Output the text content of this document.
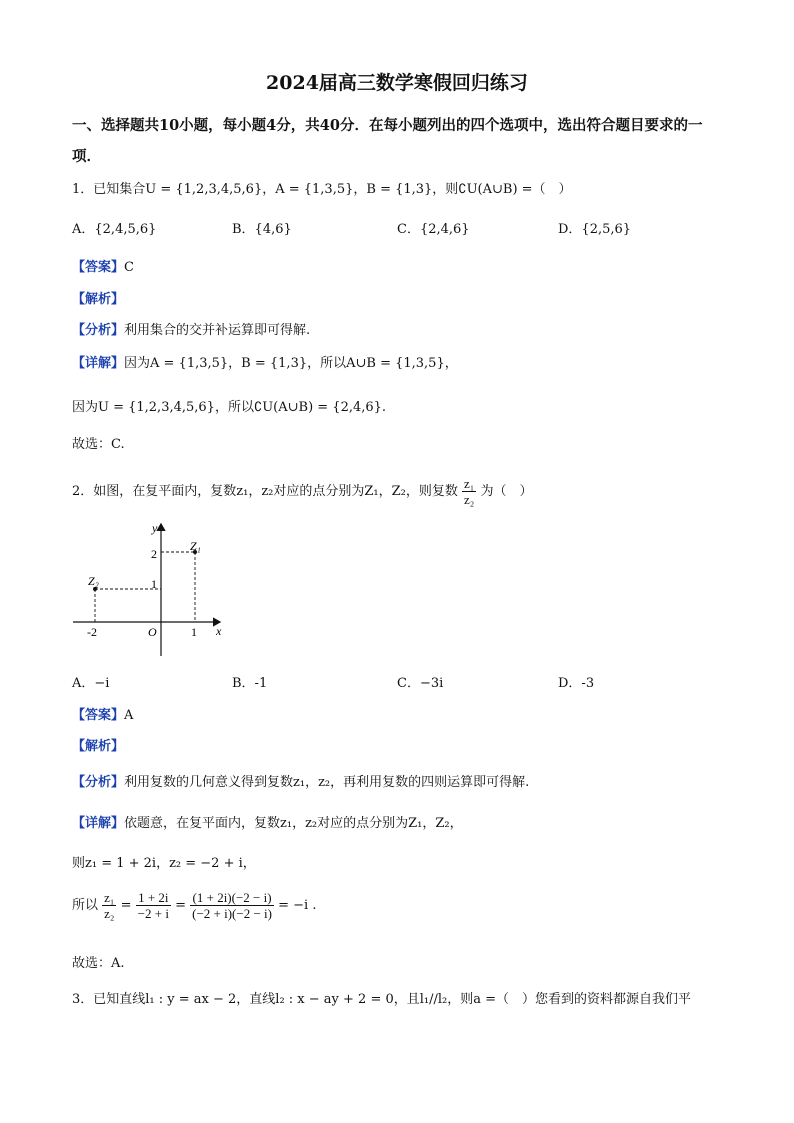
2024届高三数学寒假回归练习
一、选择题共10小题，每小题4分，共40分．在每小题列出的四个选项中，选出符合题目要求的一项．
1．已知集合U = {1,2,3,4,5,6}，A = {1,3,5}，B = {1,3}，则∁U(A∪B) =（　）
A．{2,4,5,6}	B．{4,6}	C．{2,4,6}	D．{2,5,6}
【答案】C
【解析】
【分析】利用集合的交并补运算即可得解.
【详解】因为A = {1,3,5}，B = {1,3}，所以A∪B = {1,3,5}，
因为U = {1,2,3,4,5,6}，所以∁U(A∪B) = {2,4,6}.
故选：C.
2．如图，在复平面内，复数z₁，z₂对应的点分别为Z₁，Z₂，则复数 $\frac{\text{z₁}}{\text{z₂}}$ 为（　）
y
x
O
Z₁
Z₂
2
1
-2	1
A．−i	B．-1	C．−3i	D．-3
【答案】A
【解析】
【分析】利用复数的几何意义得到复数z₁，z₂，再利用复数的四则运算即可得解.
【详解】依题意，在复平面内，复数z₁，z₂对应的点分别为Z₁，Z₂，
则z₁ = 1 + 2i，z₂ = −2 + i，
所以 $\frac{\text{z₁}}{\text{z₂}} = \frac{1 + 2i}{-2 + i} = \frac{(1 + 2i)(-2 - i)}{(-2 + i)(-2 - i)} = -i$ .
故选：A.
3．已知直线l₁ : y = ax − 2，直线l₂ : x − ay + 2 = 0，且l₁//l₂，则a =（　）您看到的资料都源自我们平
